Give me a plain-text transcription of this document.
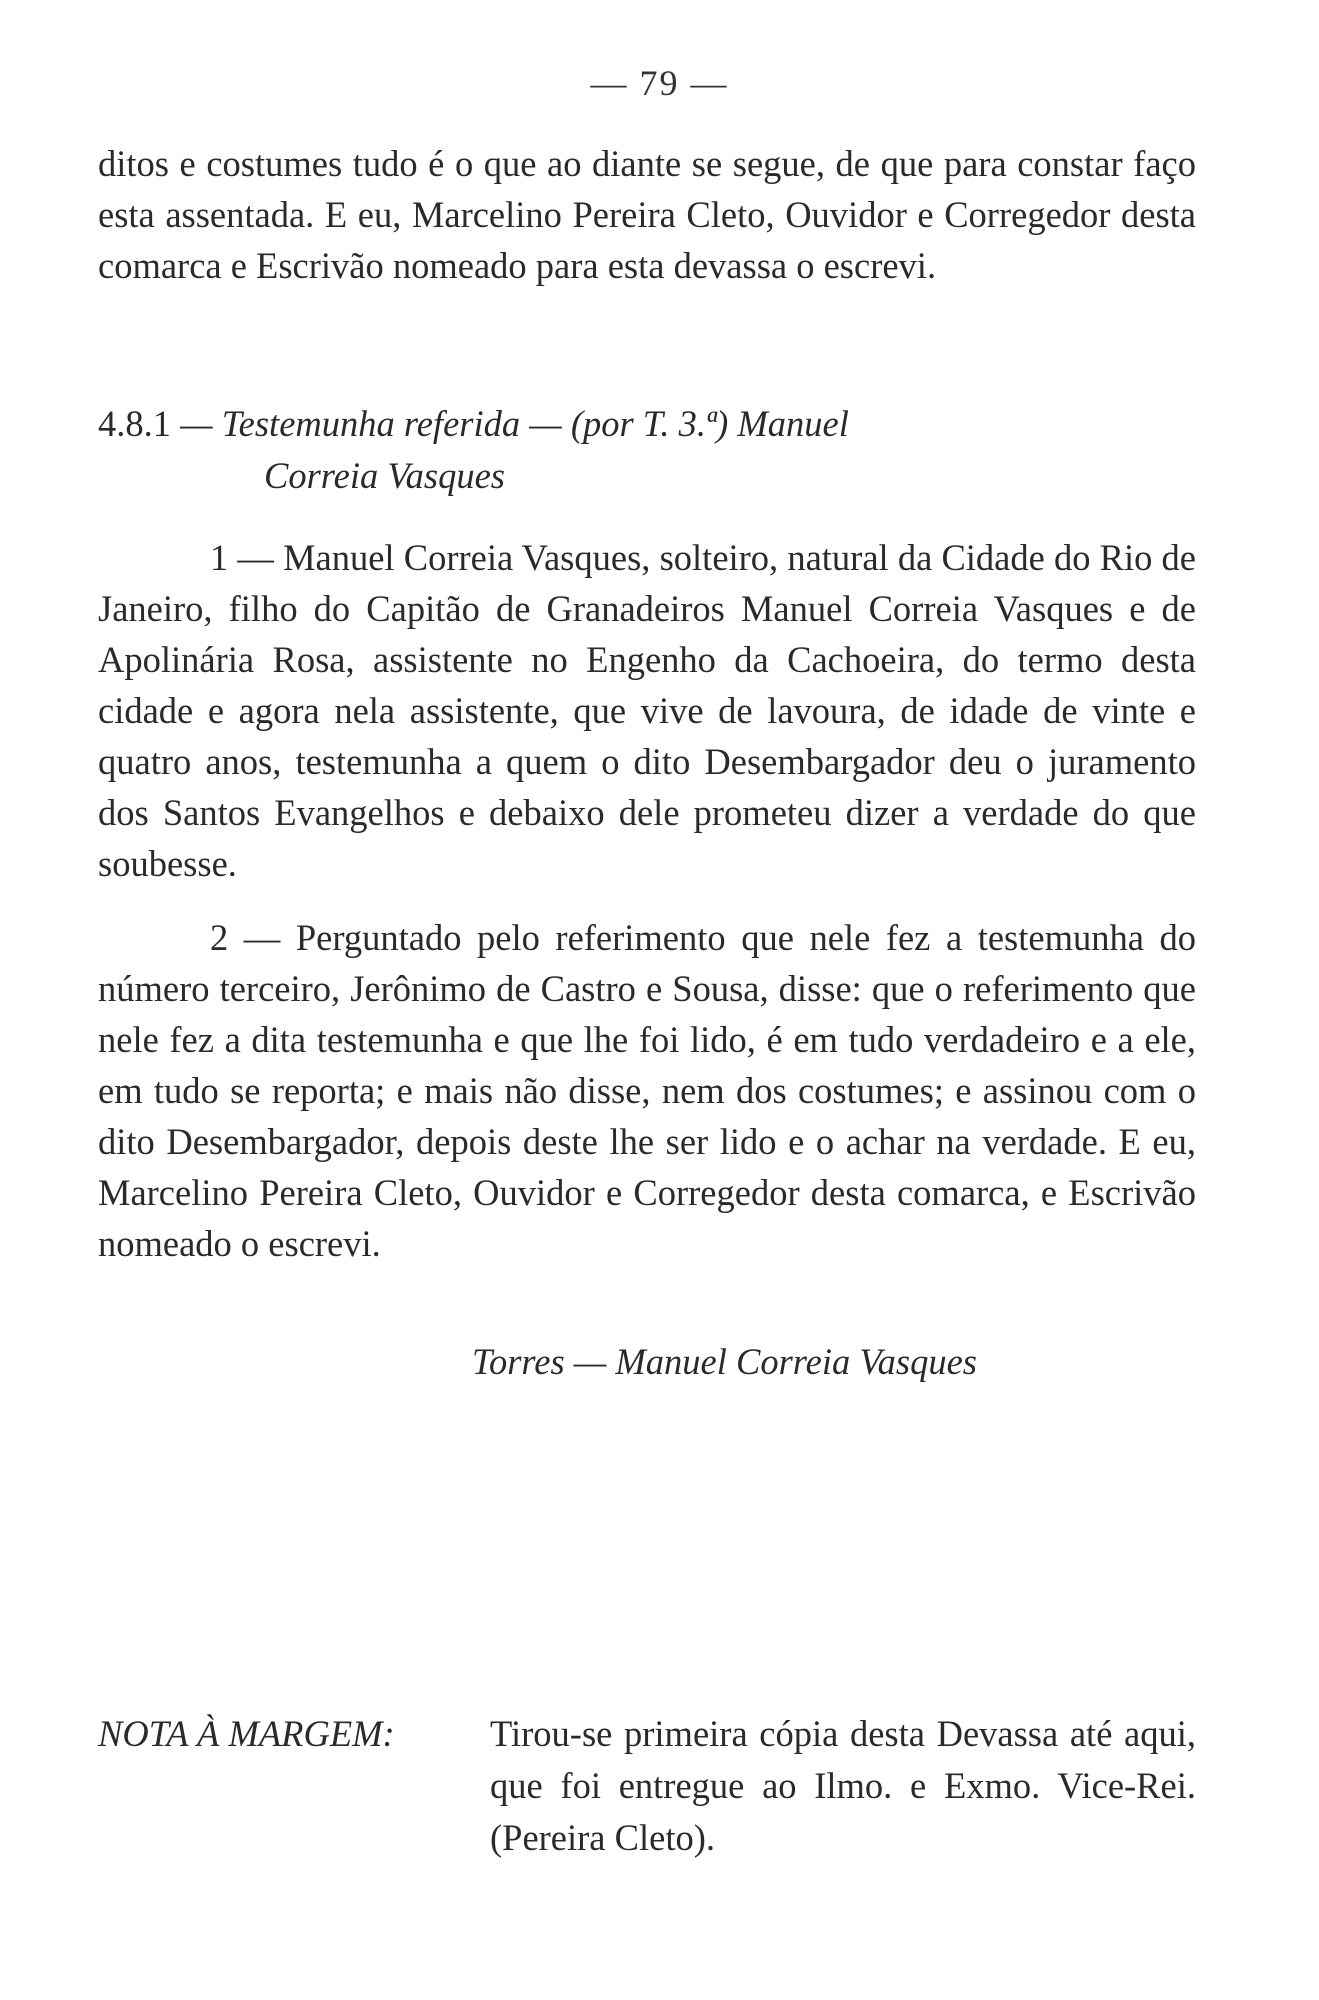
— 79 —

ditos e costumes tudo é o que ao diante se segue, de que para constar faço esta assentada. E eu, Marcelino Pereira Cleto, Ouvidor e Corregedor desta comarca e Escrivão nomeado para esta devassa o escrevi.

4.8.1 — Testemunha referida — (por T. 3.ª) Manuel
Correia Vasques

1 — Manuel Correia Vasques, solteiro, natural da Cidade do Rio de Janeiro, filho do Capitão de Granadeiros Manuel Correia Vasques e de Apolinária Rosa, assistente no Engenho da Cachoeira, do termo desta cidade e agora nela assistente, que vive de lavoura, de idade de vinte e quatro anos, testemunha a quem o dito Desembargador deu o juramento dos Santos Evangelhos e debaixo dele prometeu dizer a verdade do que soubesse.

2 — Perguntado pelo referimento que nele fez a testemunha do número terceiro, Jerônimo de Castro e Sousa, disse: que o referimento que nele fez a dita testemunha e que lhe foi lido, é em tudo verdadeiro e a ele, em tudo se reporta; e mais não disse, nem dos costumes; e assinou com o dito Desembargador, depois deste lhe ser lido e o achar na verdade. E eu, Marcelino Pereira Cleto, Ouvidor e Corregedor desta comarca, e Escrivão nomeado o escrevi.

Torres — Manuel Correia Vasques
NOTA À MARGEM:	Tirou-se primeira cópia desta Devassa até aqui, que foi entregue ao Ilmo. e Exmo. Vice-Rei. (Pereira Cleto).
